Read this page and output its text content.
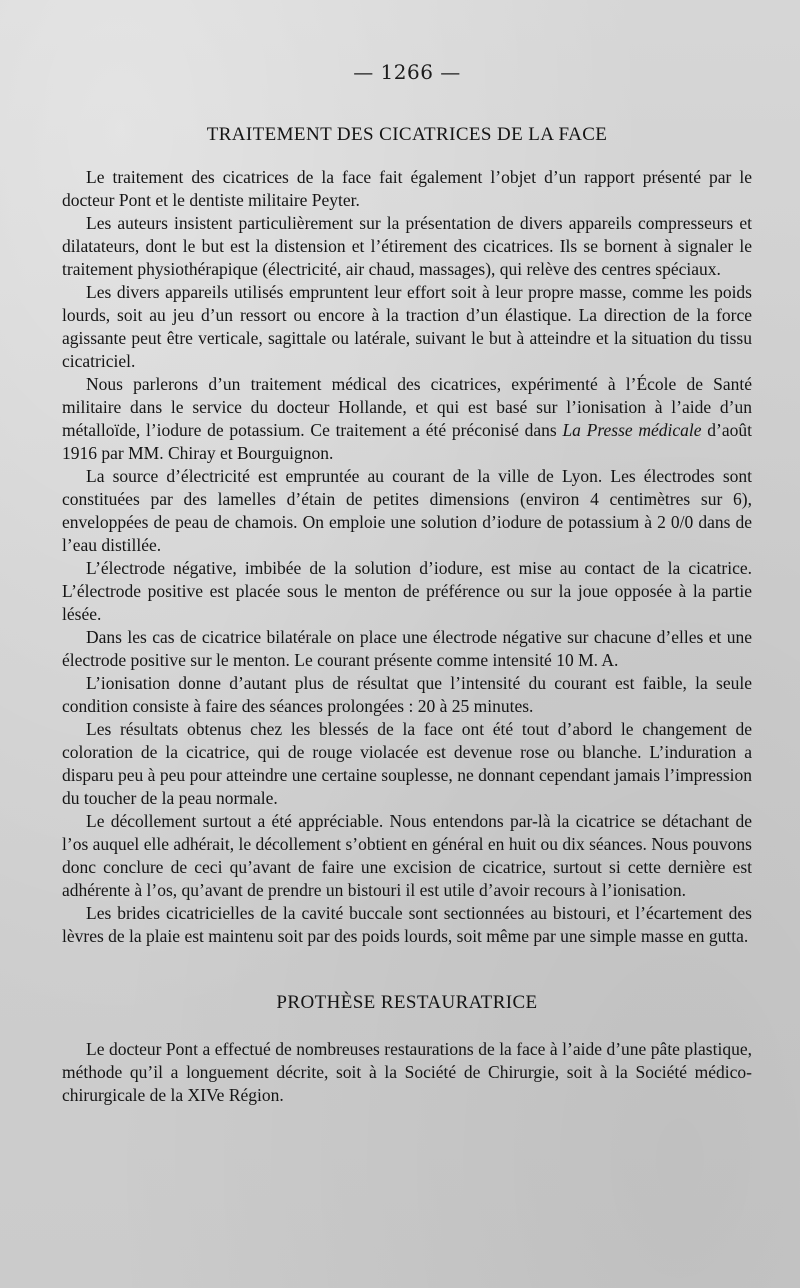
— 1266 —
TRAITEMENT DES CICATRICES DE LA FACE

Le traitement des cicatrices de la face fait également l’objet d’un rapport présenté par le docteur Pont et le dentiste militaire Peyter.

Les auteurs insistent particulièrement sur la présentation de divers appareils compresseurs et dilatateurs, dont le but est la distension et l’étirement des cicatrices. Ils se bornent à signaler le traitement physiothérapique (électricité, air chaud, massages), qui relève des centres spéciaux.

Les divers appareils utilisés empruntent leur effort soit à leur propre masse, comme les poids lourds, soit au jeu d’un ressort ou encore à la traction d’un élastique. La direction de la force agissante peut être verticale, sagittale ou latérale, suivant le but à atteindre et la situation du tissu cicatriciel.

Nous parlerons d’un traitement médical des cicatrices, expérimenté à l’École de Santé militaire dans le service du docteur Hollande, et qui est basé sur l’ionisation à l’aide d’un métalloïde, l’iodure de potassium. Ce traitement a été préconisé dans La Presse médicale d’août 1916 par MM. Chiray et Bourguignon.

La source d’électricité est empruntée au courant de la ville de Lyon. Les électrodes sont constituées par des lamelles d’étain de petites dimensions (environ 4 centimètres sur 6), enveloppées de peau de chamois. On emploie une solution d’iodure de potassium à 2 0/0 dans de l’eau distillée.

L’électrode négative, imbibée de la solution d’iodure, est mise au contact de la cicatrice. L’électrode positive est placée sous le menton de préférence ou sur la joue opposée à la partie lésée.

Dans les cas de cicatrice bilatérale on place une électrode négative sur chacune d’elles et une électrode positive sur le menton. Le courant présente comme intensité 10 M. A.

L’ionisation donne d’autant plus de résultat que l’intensité du courant est faible, la seule condition consiste à faire des séances prolongées : 20 à 25 minutes.

Les résultats obtenus chez les blessés de la face ont été tout d’abord le changement de coloration de la cicatrice, qui de rouge violacée est devenue rose ou blanche. L’induration a disparu peu à peu pour atteindre une certaine souplesse, ne donnant cependant jamais l’impression du toucher de la peau normale.

Le décollement surtout a été appréciable. Nous entendons par-là la cicatrice se détachant de l’os auquel elle adhérait, le décollement s’obtient en général en huit ou dix séances. Nous pouvons donc conclure de ceci qu’avant de faire une excision de cicatrice, surtout si cette dernière est adhérente à l’os, qu’avant de prendre un bistouri il est utile d’avoir recours à l’ionisation.

Les brides cicatricielles de la cavité buccale sont sectionnées au bistouri, et l’écartement des lèvres de la plaie est maintenu soit par des poids lourds, soit même par une simple masse en gutta.

PROTHÈSE RESTAURATRICE

Le docteur Pont a effectué de nombreuses restaurations de la face à l’aide d’une pâte plastique, méthode qu’il a longuement décrite, soit à la Société de Chirurgie, soit à la Société médico-chirurgicale de la XIVe Région.
